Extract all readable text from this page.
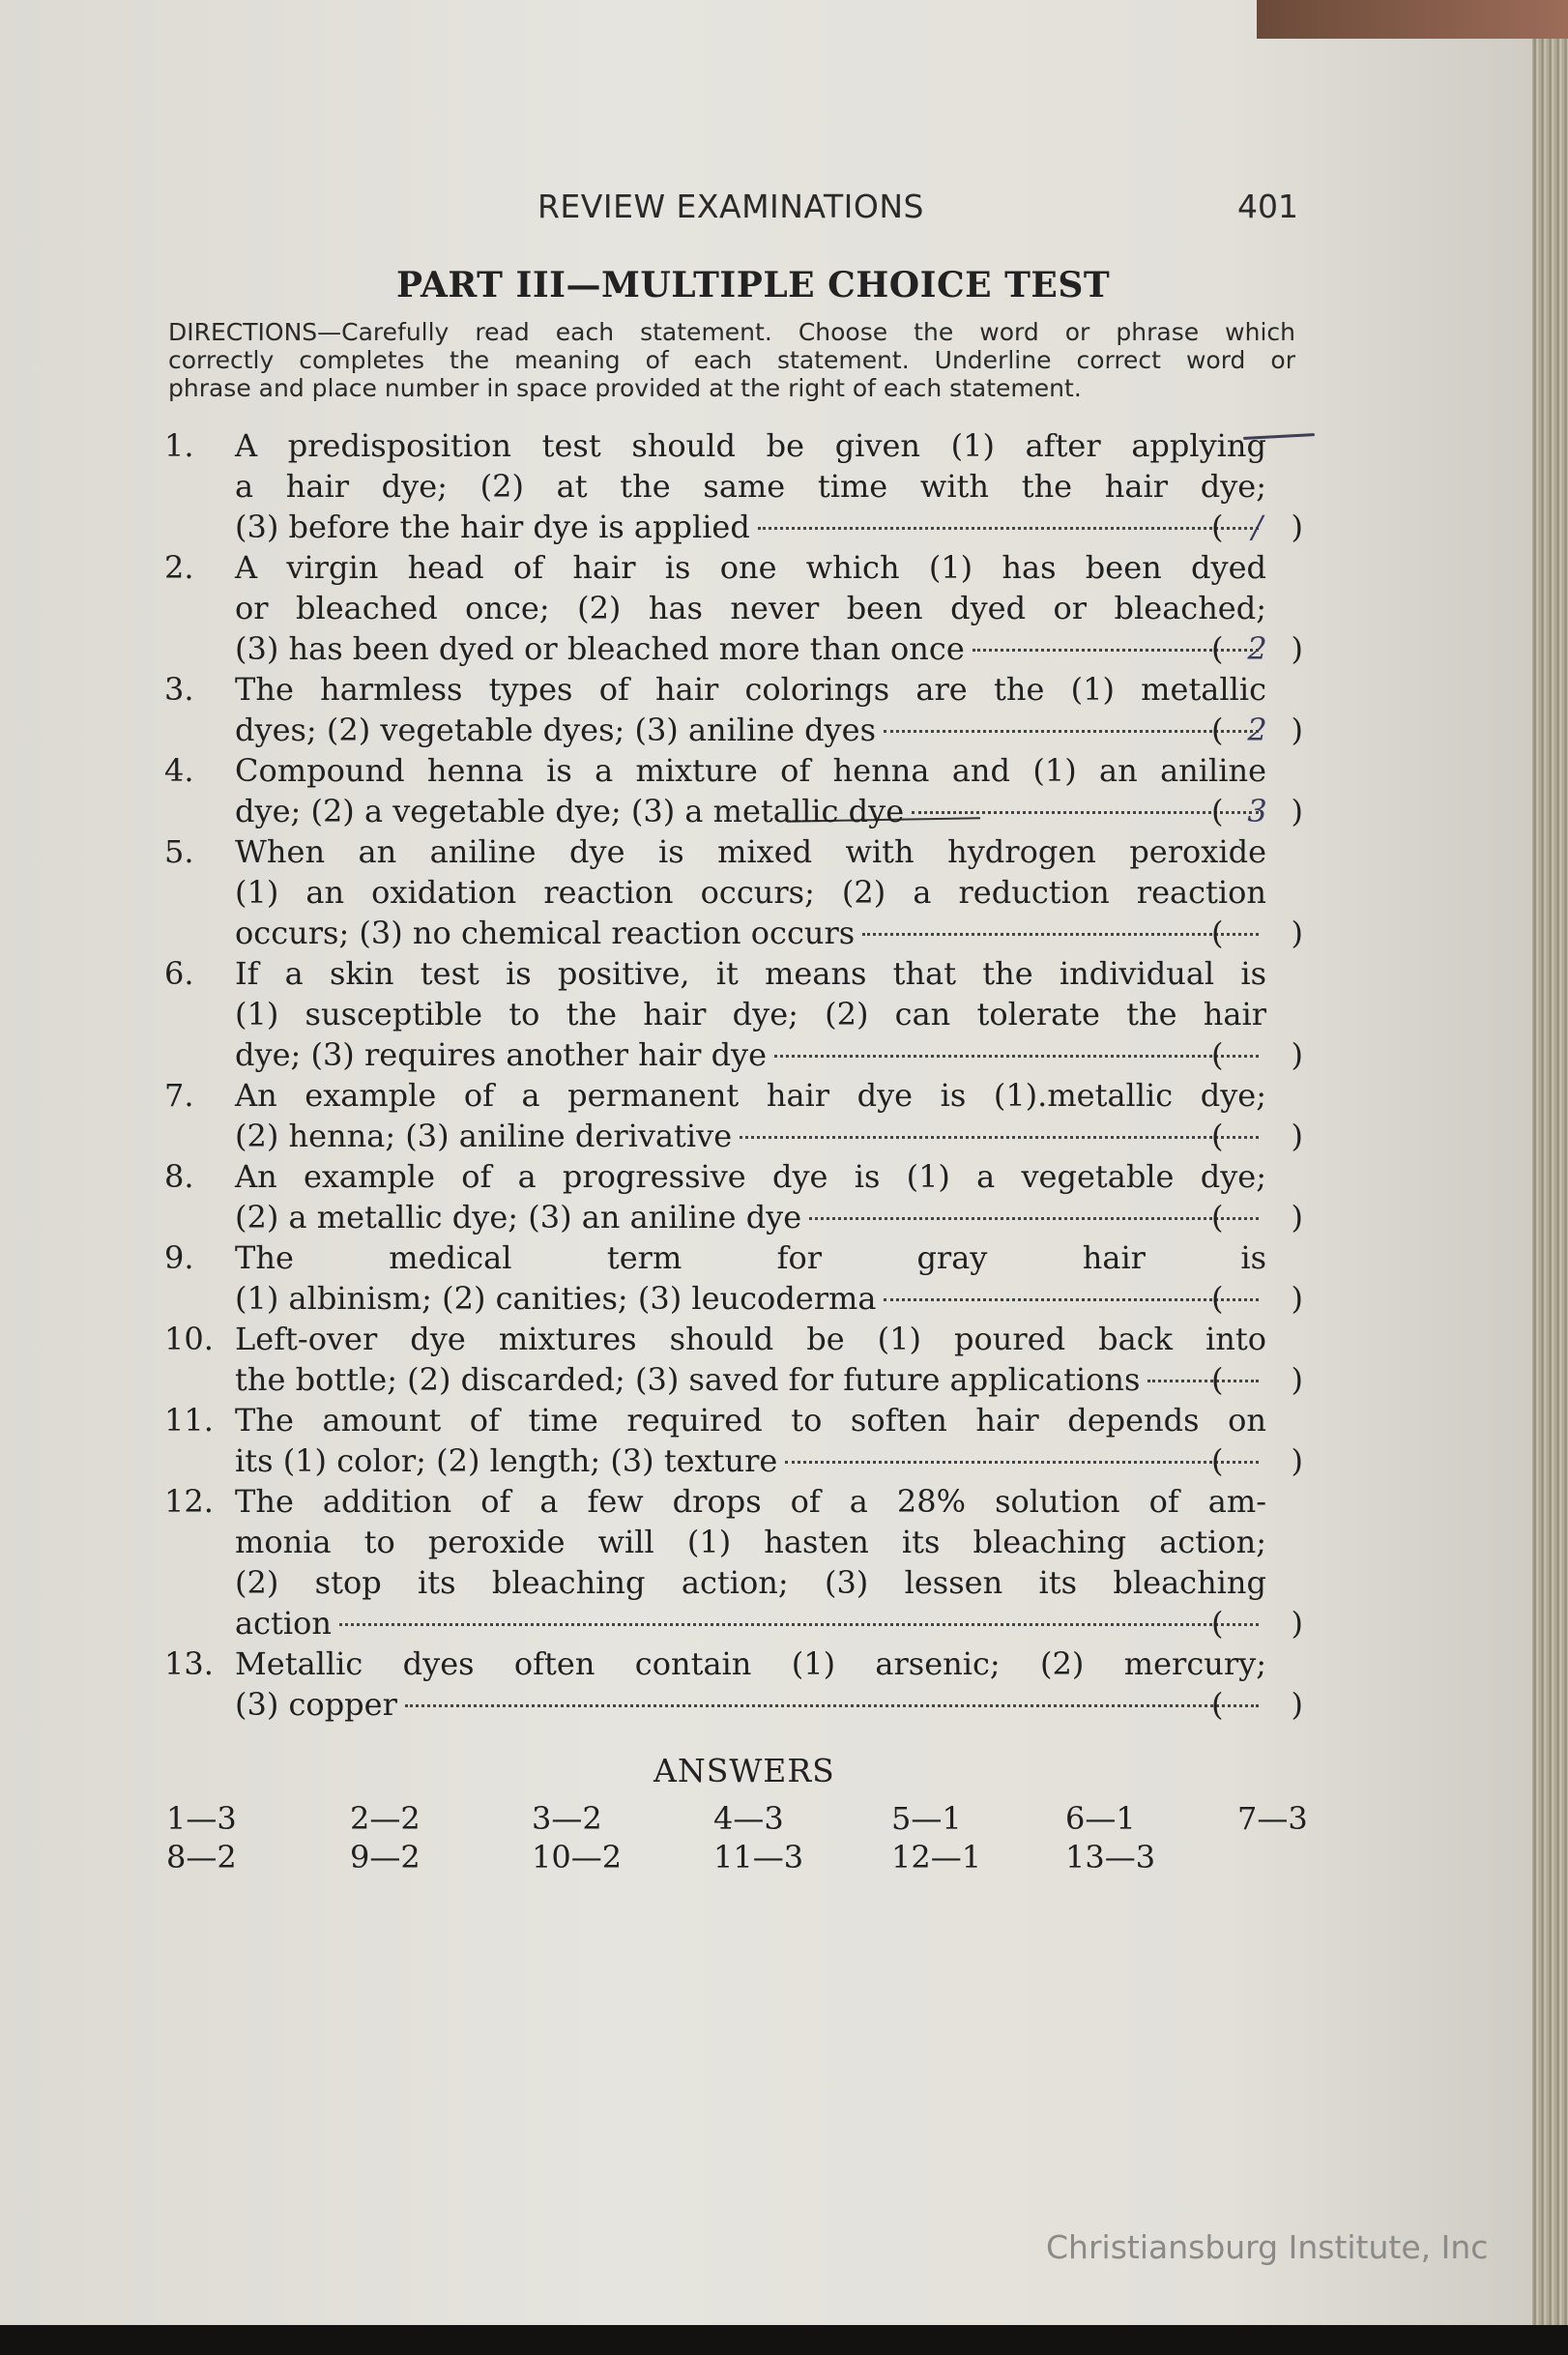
REVIEW EXAMINATIONS	401
PART III—MULTIPLE CHOICE TEST
DIRECTIONS—Carefully read each statement. Choose the word or phrase which
correctly completes the meaning of each statement. Underline correct word or
phrase and place number in space provided at the right of each statement.
1.	A predisposition test should be given (1) after applying
a hair dye; (2) at the same time with the hair dye;
(3) before the hair dye is applied	( / )
2.	A virgin head of hair is one which (1) has been dyed
or bleached once; (2) has never been dyed or bleached;
(3) has been dyed or bleached more than once	( 2 )
3.	The harmless types of hair colorings are the (1) metallic
dyes; (2) vegetable dyes; (3) aniline dyes	( 2 )
4.	Compound henna is a mixture of henna and (1) an aniline
dye; (2) a vegetable dye; (3) a metallic dye	( 3 )
5.	When an aniline dye is mixed with hydrogen peroxide
(1) an oxidation reaction occurs; (2) a reduction reaction
occurs; (3) no chemical reaction occurs	( )
6.	If a skin test is positive, it means that the individual is
(1) susceptible to the hair dye; (2) can tolerate the hair
dye; (3) requires another hair dye	( )
7.	An example of a permanent hair dye is (1).metallic dye;
(2) henna; (3) aniline derivative	( )
8.	An example of a progressive dye is (1) a vegetable dye;
(2) a metallic dye; (3) an aniline dye	( )
9.	The medical term for gray hair is
(1) albinism; (2) canities; (3) leucoderma	( )
10. Left-over dye mixtures should be (1) poured back into
the bottle; (2) discarded; (3) saved for future applications ( )
11. The amount of time required to soften hair depends on
its (1) color; (2) length; (3) texture	( )
12. The addition of a few drops of a 28% solution of am-
monia to peroxide will (1) hasten its bleaching action;
(2) stop its bleaching action; (3) lessen its bleaching
action	( )
13. Metallic dyes often contain (1) arsenic; (2) mercury;
(3) copper	( )
ANSWERS
1—3	2—2	3—2	4—3	5—1	6—1	7—3
8—2	9—2	10—2	11—3	12—1	13—3
Christiansburg Institute, Inc
